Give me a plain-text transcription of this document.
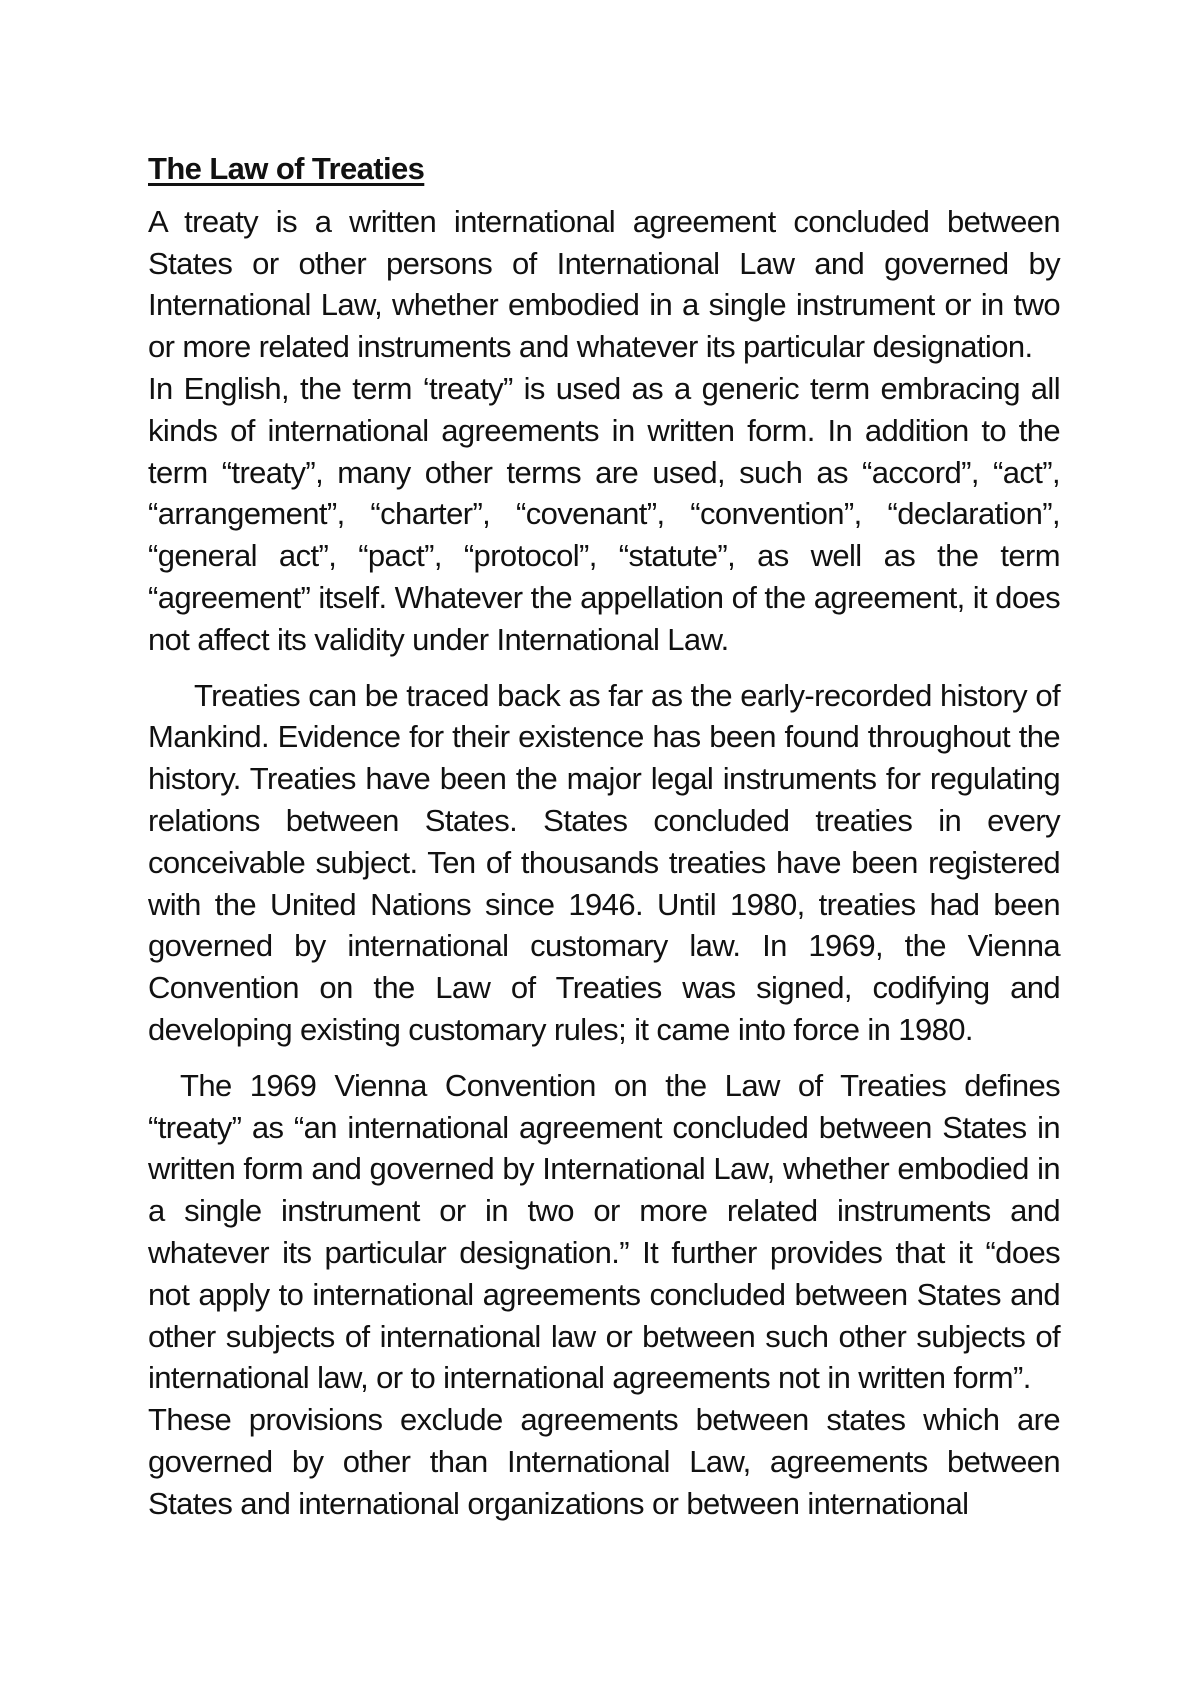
The Law of Treaties

A treaty is a written international agreement concluded between States or other persons of International Law and governed by International Law, whether embodied in a single instrument or in two or more related instruments and whatever its particular designation.

In English, the term ‘treaty” is used as a generic term embracing all kinds of international agreements in written form. In addition to the term “treaty”, many other terms are used, such as “accord”, “act”, “arrangement”, “charter”, “covenant”, “convention”, “declaration”, “general act”, “pact”, “protocol”, “statute”, as well as the term “agreement” itself. Whatever the appellation of the agreement, it does not affect its validity under International Law.

Treaties can be traced back as far as the early-recorded history of Mankind. Evidence for their existence has been found throughout the history. Treaties have been the major legal instruments for regulating relations between States. States concluded treaties in every conceivable subject. Ten of thousands treaties have been registered with the United Nations since 1946. Until 1980, treaties had been governed by international customary law. In 1969, the Vienna Convention on the Law of Treaties was signed, codifying and developing existing customary rules; it came into force in 1980.

The 1969 Vienna Convention on the Law of Treaties defines “treaty” as “an international agreement concluded between States in written form and governed by International Law, whether embodied in a single instrument or in two or more related instruments and whatever its particular designation.” It further provides that it “does not apply to international agreements concluded between States and other subjects of international law or between such other subjects of international law, or to international agreements not in written form”.

These provisions exclude agreements between states which are governed by other than International Law, agreements between States and international organizations or between international
